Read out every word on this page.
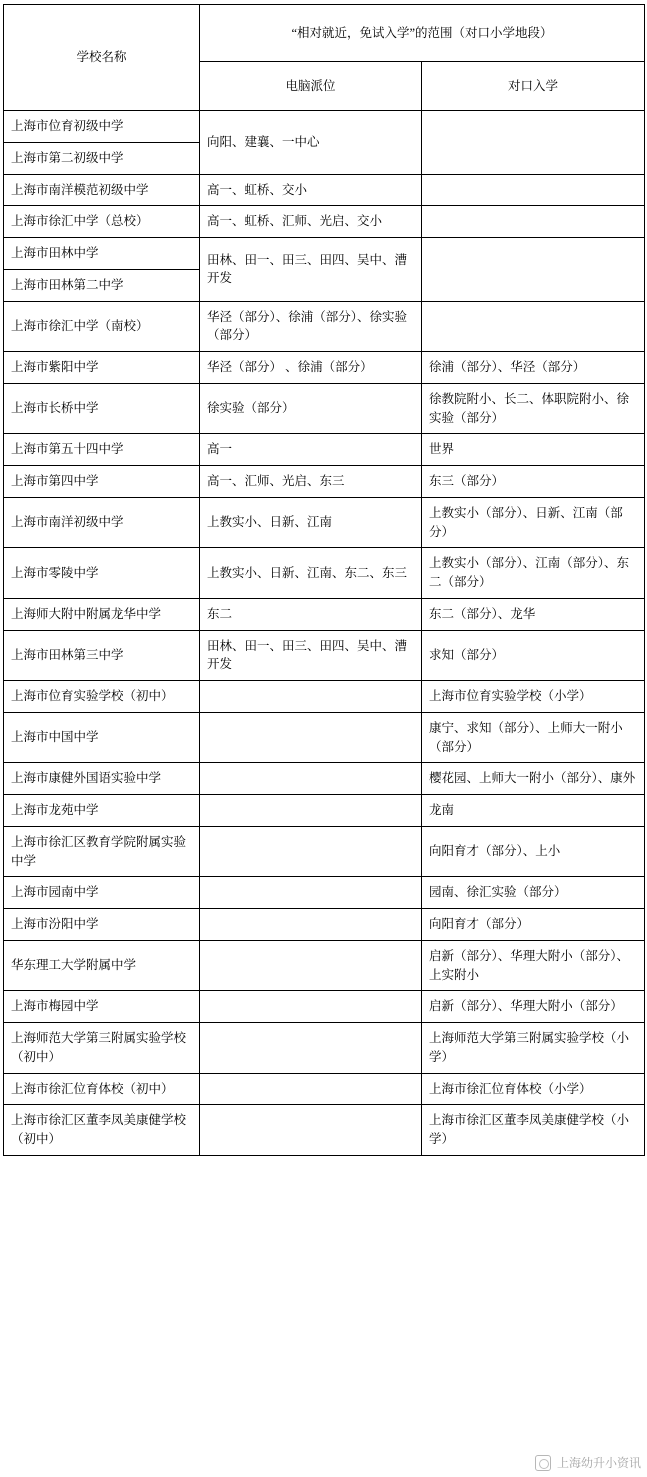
学校名称	“相对就近，免试入学”的范围（对口小学地段）	
	电脑派位	对口入学
上海市位育初级中学	向阳、建襄、一中心	
上海市第二初级中学		
上海市南洋模范初级中学	高一、虹桥、交小	
上海市徐汇中学（总校）	高一、虹桥、汇师、光启、交小	
上海市田林中学	田林、田一、田三、田四、吴中、漕开发	
上海市田林第二中学		
上海市徐汇中学（南校）	华泾（部分）、徐浦（部分）、徐实验（部分）	
上海市紫阳中学	华泾（部分） 、徐浦（部分）	徐浦（部分）、华泾（部分）
上海市长桥中学	徐实验（部分）	徐教院附小、长二、体职院附小、徐实验（部分）
上海市第五十四中学	高一	世界
上海市第四中学	高一、汇师、光启、东三	东三（部分）
上海市南洋初级中学	上教实小、日新、江南	上教实小（部分）、日新、江南（部分）
上海市零陵中学	上教实小、日新、江南、东二、东三	上教实小（部分）、江南（部分）、东二（部分）
上海师大附中附属龙华中学	东二	东二（部分）、龙华
上海市田林第三中学	田林、田一、田三、田四、吴中、漕开发	求知（部分）
上海市位育实验学校（初中）		上海市位育实验学校（小学）
上海市中国中学		康宁、求知（部分）、上师大一附小（部分）
上海市康健外国语实验中学		樱花园、上师大一附小（部分）、康外
上海市龙苑中学		龙南
上海市徐汇区教育学院附属实验中学		向阳育才（部分）、上小
上海市园南中学		园南、徐汇实验（部分）
上海市汾阳中学		向阳育才（部分）
华东理工大学附属中学		启新（部分）、华理大附小（部分）、上实附小
上海市梅园中学		启新（部分）、华理大附小（部分）
上海师范大学第三附属实验学校（初中）		上海师范大学第三附属实验学校（小学）
上海市徐汇位育体校（初中）		上海市徐汇位育体校（小学）
上海市徐汇区董李凤美康健学校（初中）		上海市徐汇区董李凤美康健学校（小学）
上海幼升小资讯
